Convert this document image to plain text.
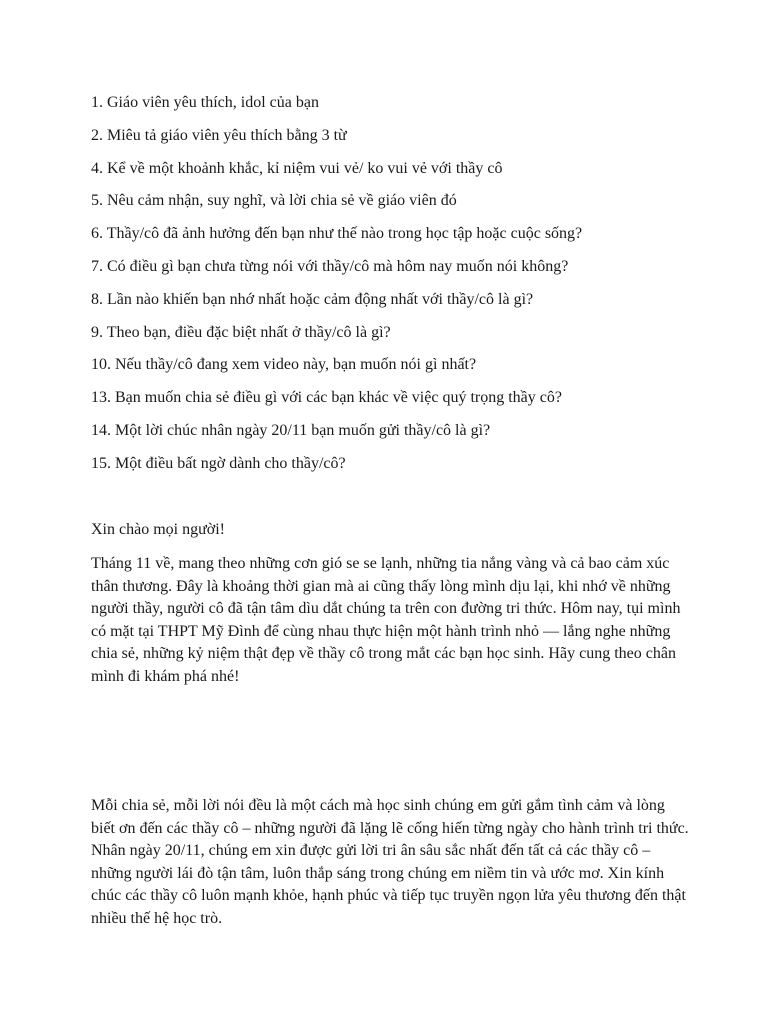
1. Giáo viên yêu thích, idol của bạn
2. Miêu tả giáo viên yêu thích bằng 3 từ
4. Kể về một khoảnh khắc, kỉ niệm vui vẻ/ ko vui vẻ với thầy cô
5. Nêu cảm nhận, suy nghĩ, và lời chia sẻ về giáo viên đó
6. Thầy/cô đã ảnh hưởng đến bạn như thế nào trong học tập hoặc cuộc sống?
7. Có điều gì bạn chưa từng nói với thầy/cô mà hôm nay muốn nói không?
8. Lần nào khiến bạn nhớ nhất hoặc cảm động nhất với thầy/cô là gì?
9. Theo bạn, điều đặc biệt nhất ở thầy/cô là gì?
10. Nếu thầy/cô đang xem video này, bạn muốn nói gì nhất?
13. Bạn muốn chia sẻ điều gì với các bạn khác về việc quý trọng thầy cô?
14. Một lời chúc nhân ngày 20/11 bạn muốn gửi thầy/cô là gì?
15. Một điều bất ngờ dành cho thầy/cô?

Xin chào mọi người!

Tháng 11 về, mang theo những cơn gió se se lạnh, những tia nắng vàng và cả bao cảm xúc thân thương. Đây là khoảng thời gian mà ai cũng thấy lòng mình dịu lại, khi nhớ về những người thầy, người cô đã tận tâm dìu dắt chúng ta trên con đường tri thức. Hôm nay, tụi mình có mặt tại THPT Mỹ Đình để cùng nhau thực hiện một hành trình nhỏ — lắng nghe những chia sẻ, những kỷ niệm thật đẹp về thầy cô trong mắt các bạn học sinh. Hãy cung theo chân mình đi khám phá nhé!

Mỗi chia sẻ, mỗi lời nói đều là một cách mà học sinh chúng em gửi gắm tình cảm và lòng biết ơn đến các thầy cô – những người đã lặng lẽ cống hiến từng ngày cho hành trình tri thức. Nhân ngày 20/11, chúng em xin được gửi lời tri ân sâu sắc nhất đến tất cả các thầy cô – những người lái đò tận tâm, luôn thắp sáng trong chúng em niềm tin và ước mơ. Xin kính chúc các thầy cô luôn mạnh khỏe, hạnh phúc và tiếp tục truyền ngọn lửa yêu thương đến thật nhiều thế hệ học trò.
